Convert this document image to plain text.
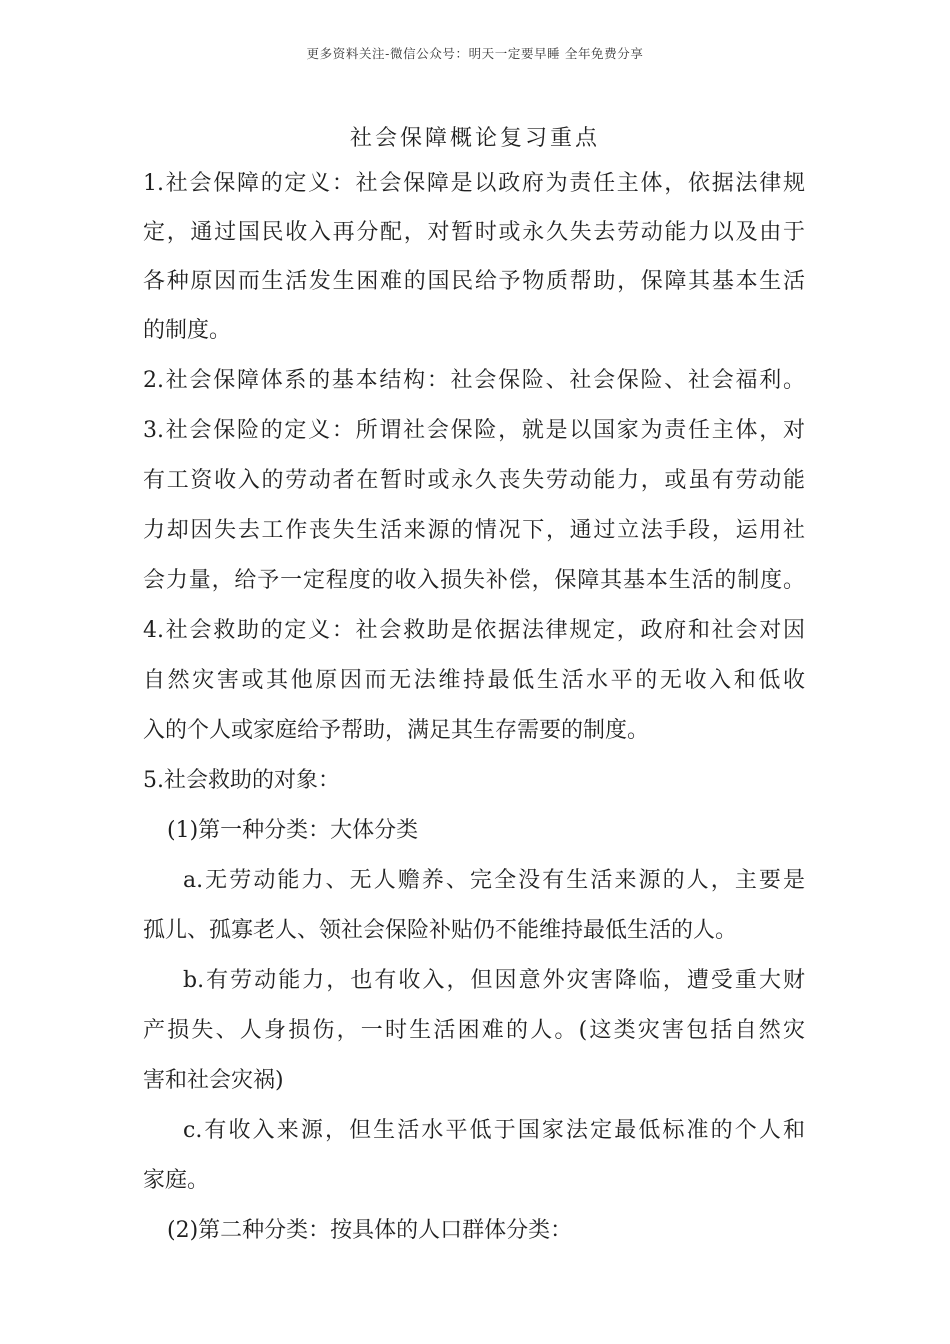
更多资料关注-微信公众号：明天一定要早睡 全年免费分享
社会保障概论复习重点
1.社会保障的定义：社会保障是以政府为责任主体，依据法律规
定，通过国民收入再分配，对暂时或永久失去劳动能力以及由于
各种原因而生活发生困难的国民给予物质帮助，保障其基本生活
的制度。
2.社会保障体系的基本结构：社会保险、社会保险、社会福利。
3.社会保险的定义：所谓社会保险，就是以国家为责任主体，对
有工资收入的劳动者在暂时或永久丧失劳动能力，或虽有劳动能
力却因失去工作丧失生活来源的情况下，通过立法手段，运用社
会力量，给予一定程度的收入损失补偿，保障其基本生活的制度。
4.社会救助的定义：社会救助是依据法律规定，政府和社会对因
自然灾害或其他原因而无法维持最低生活水平的无收入和低收
入的个人或家庭给予帮助，满足其生存需要的制度。
5.社会救助的对象：
(1)第一种分类：大体分类
a.无劳动能力、无人赡养、完全没有生活来源的人，主要是
孤儿、孤寡老人、领社会保险补贴仍不能维持最低生活的人。
b.有劳动能力，也有收入，但因意外灾害降临，遭受重大财
产损失、人身损伤，一时生活困难的人。(这类灾害包括自然灾
害和社会灾祸)
c.有收入来源，但生活水平低于国家法定最低标准的个人和
家庭。
(2)第二种分类：按具体的人口群体分类：
